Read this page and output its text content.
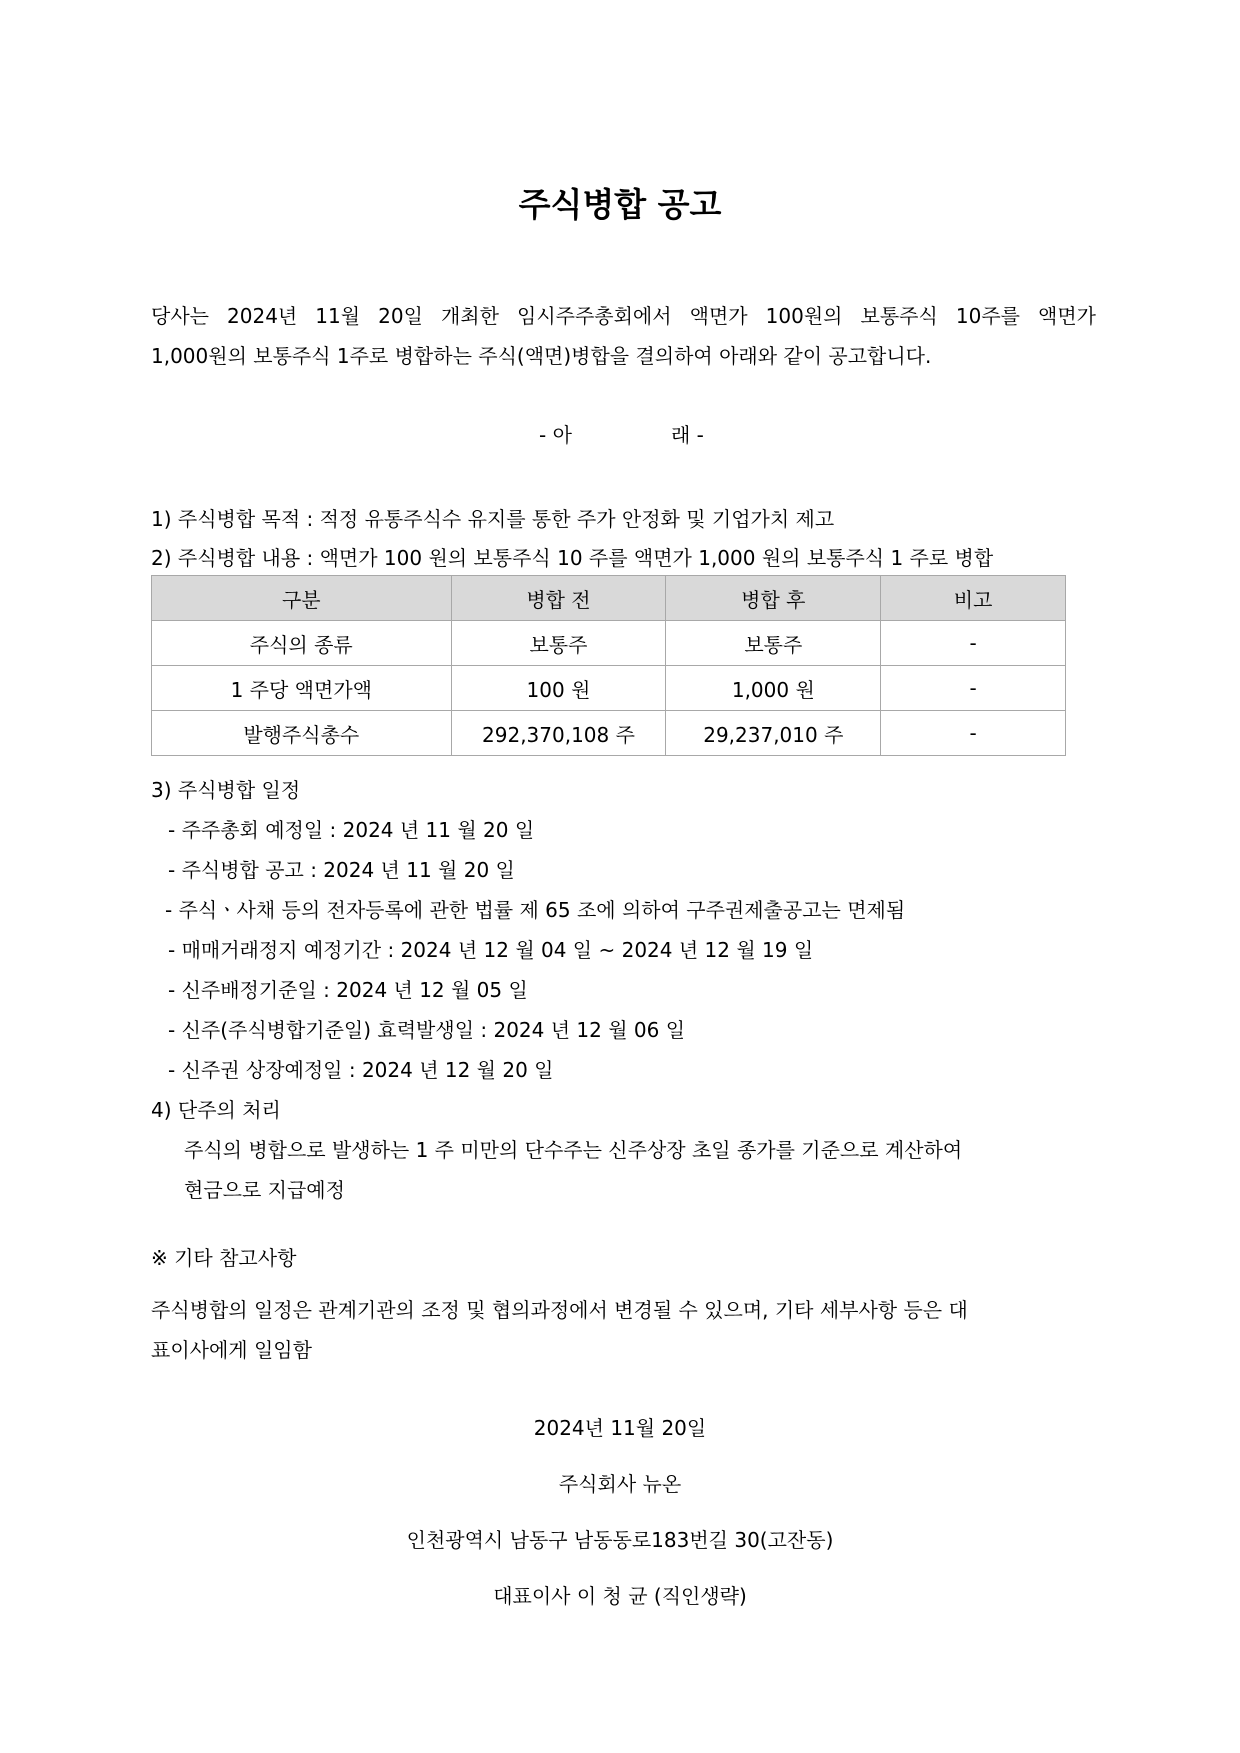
주식병합 공고
당사는 2024년 11월 20일 개최한 임시주주총회에서 액면가 100원의 보통주식 10주를 액면가
1,000원의 보통주식 1주로 병합하는 주식(액면)병합을 결의하여 아래와 같이 공고합니다.
- 아	래 -
1) 주식병합 목적 : 적정 유통주식수 유지를 통한 주가 안정화 및 기업가치 제고
2) 주식병합 내용 : 액면가 100 원의 보통주식 10 주를 액면가 1,000 원의 보통주식 1 주로 병합
구분	병합 전	병합 후	비고
주식의 종류	보통주	보통주	-
1 주당 액면가액	100 원	1,000 원	-
발행주식총수	292,370,108 주	29,237,010 주	-
3) 주식병합 일정
- 주주총회 예정일 : 2024 년 11 월 20 일
- 주식병합 공고 : 2024 년 11 월 20 일
- 주식ㆍ사채 등의 전자등록에 관한 법률 제 65 조에 의하여 구주권제출공고는 면제됨
- 매매거래정지 예정기간 : 2024 년 12 월 04 일 ~ 2024 년 12 월 19 일
- 신주배정기준일 : 2024 년 12 월 05 일
- 신주(주식병합기준일) 효력발생일 : 2024 년 12 월 06 일
- 신주권 상장예정일 : 2024 년 12 월 20 일
4) 단주의 처리
주식의 병합으로 발생하는 1 주 미만의 단수주는 신주상장 초일 종가를 기준으로 계산하여
현금으로 지급예정
※ 기타 참고사항
주식병합의 일정은 관계기관의 조정 및 협의과정에서 변경될 수 있으며, 기타 세부사항 등은 대
표이사에게 일임함
2024년 11월 20일
주식회사 뉴온
인천광역시 남동구 남동동로183번길 30(고잔동)
대표이사 이 청 균 (직인생략)
